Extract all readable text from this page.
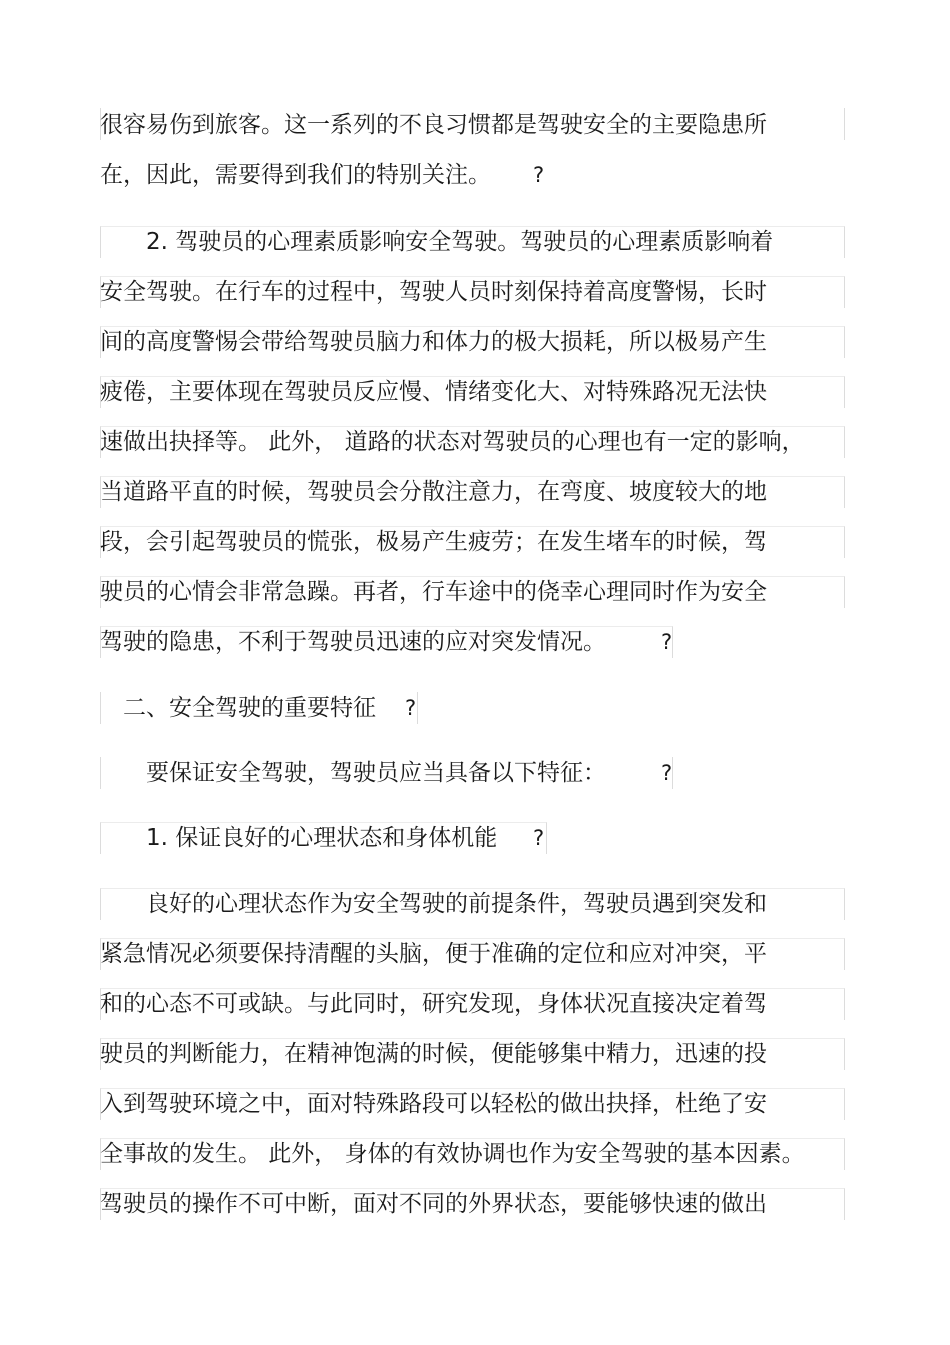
很容易伤到旅客。这一系列的不良习惯都是驾驶安全的主要隐患所
在，因此，需要得到我们的特别关注。 ?
　　2. 驾驶员的心理素质影响安全驾驶。驾驶员的心理素质影响着
安全驾驶。在行车的过程中，驾驶人员时刻保持着高度警惕，长时
间的高度警惕会带给驾驶员脑力和体力的极大损耗，所以极易产生
疲倦，主要体现在驾驶员反应慢、情绪变化大、对特殊路况无法快
速做出抉择等。 此外， 道路的状态对驾驶员的心理也有一定的影响，
当道路平直的时候，驾驶员会分散注意力，在弯度、坡度较大的地
段，会引起驾驶员的慌张，极易产生疲劳；在发生堵车的时候，驾
驶员的心情会非常急躁。再者，行车途中的侥幸心理同时作为安全
驾驶的隐患，不利于驾驶员迅速的应对突发情况。	?
　二、安全驾驶的重要特征 ?
　　要保证安全驾驶，驾驶员应当具备以下特征：	?
　　1. 保证良好的心理状态和身体机能 ?
　　良好的心理状态作为安全驾驶的前提条件，驾驶员遇到突发和
紧急情况必须要保持清醒的头脑，便于准确的定位和应对冲突，平
和的心态不可或缺。与此同时，研究发现，身体状况直接决定着驾
驶员的判断能力，在精神饱满的时候，便能够集中精力，迅速的投
入到驾驶环境之中，面对特殊路段可以轻松的做出抉择，杜绝了安
全事故的发生。 此外， 身体的有效协调也作为安全驾驶的基本因素。
驾驶员的操作不可中断，面对不同的外界状态，要能够快速的做出
